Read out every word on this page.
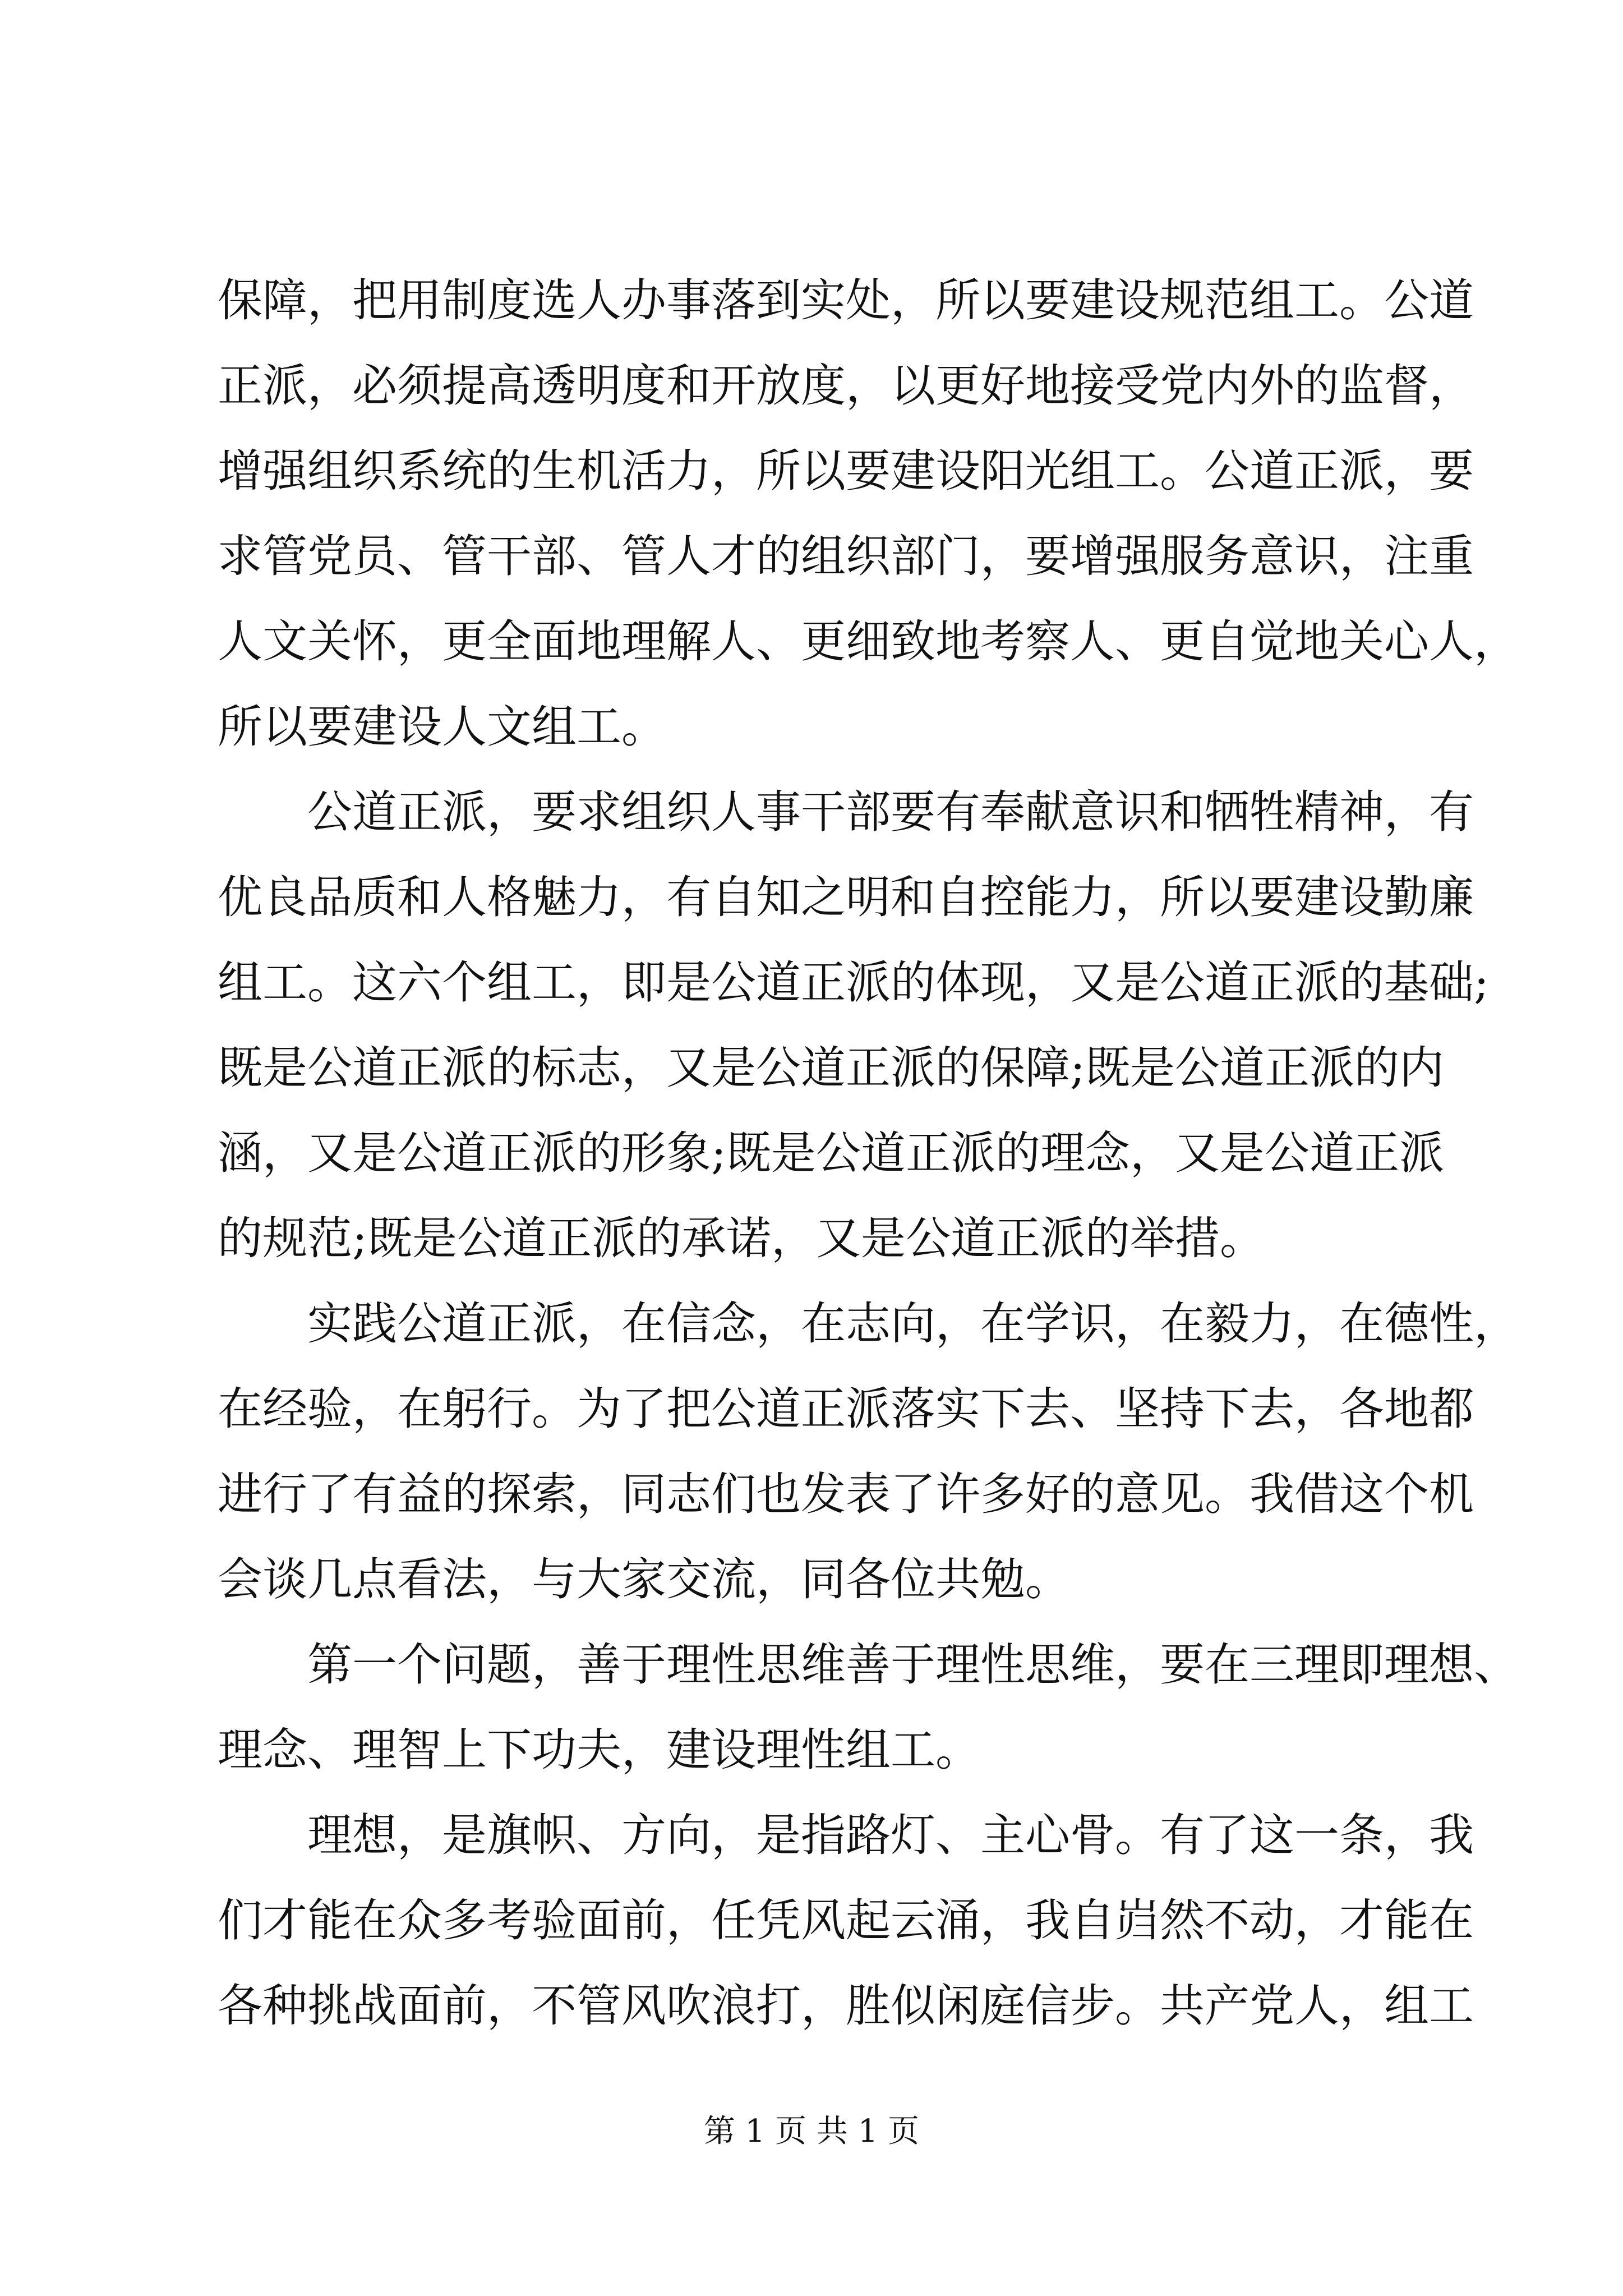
保障，把用制度选人办事落到实处，所以要建设规范组工。公道
正派，必须提高透明度和开放度，以更好地接受党内外的监督，
增强组织系统的生机活力，所以要建设阳光组工。公道正派，要
求管党员、管干部、管人才的组织部门，要增强服务意识，注重
人文关怀，更全面地理解人、更细致地考察人、更自觉地关心人，
所以要建设人文组工。
公道正派，要求组织人事干部要有奉献意识和牺牲精神，有
优良品质和人格魅力，有自知之明和自控能力，所以要建设勤廉
组工。这六个组工，即是公道正派的体现，又是公道正派的基础;
既是公道正派的标志，又是公道正派的保障;既是公道正派的内
涵，又是公道正派的形象;既是公道正派的理念，又是公道正派
的规范;既是公道正派的承诺，又是公道正派的举措。
实践公道正派，在信念，在志向，在学识，在毅力，在德性，
在经验，在躬行。为了把公道正派落实下去、坚持下去，各地都
进行了有益的探索，同志们也发表了许多好的意见。我借这个机
会谈几点看法，与大家交流，同各位共勉。
第一个问题，善于理性思维善于理性思维，要在三理即理想、
理念、理智上下功夫，建设理性组工。
理想，是旗帜、方向，是指路灯、主心骨。有了这一条，我
们才能在众多考验面前，任凭风起云涌，我自岿然不动，才能在
各种挑战面前，不管风吹浪打，胜似闲庭信步。共产党人，组工
第 1 页 共 1 页
